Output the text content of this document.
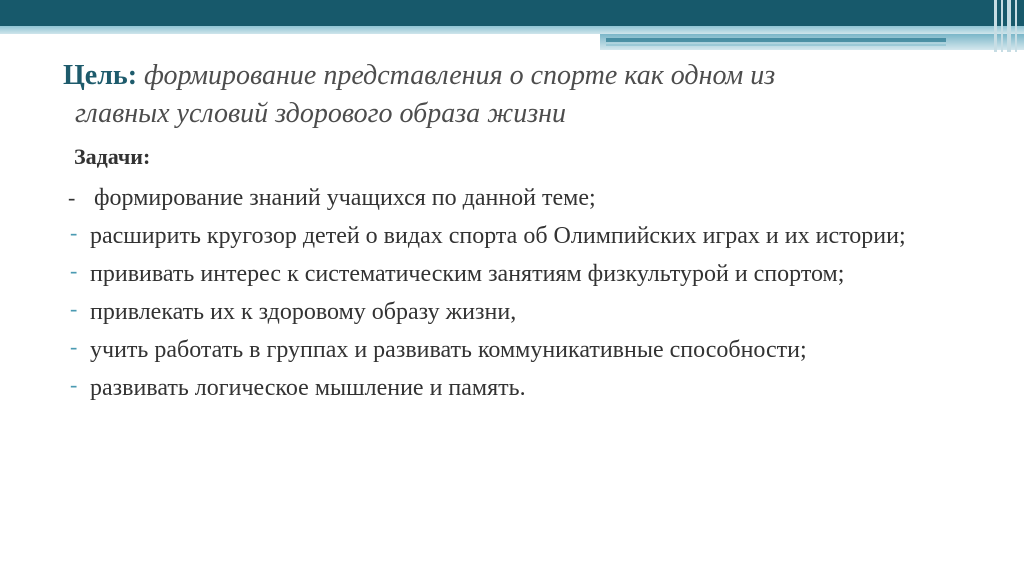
Цель: формирование представления о спорте как одном из
главных условий здорового образа жизни
Задачи:
- формирование знаний учащихся по данной теме;
- расширить кругозор детей о видах спорта об Олимпийских играх и их истории;
- прививать интерес к систематическим занятиям физкультурой и спортом;
- привлекать их к здоровому образу жизни,
- учить работать в группах и развивать коммуникативные способности;
- развивать логическое мышление и память.
